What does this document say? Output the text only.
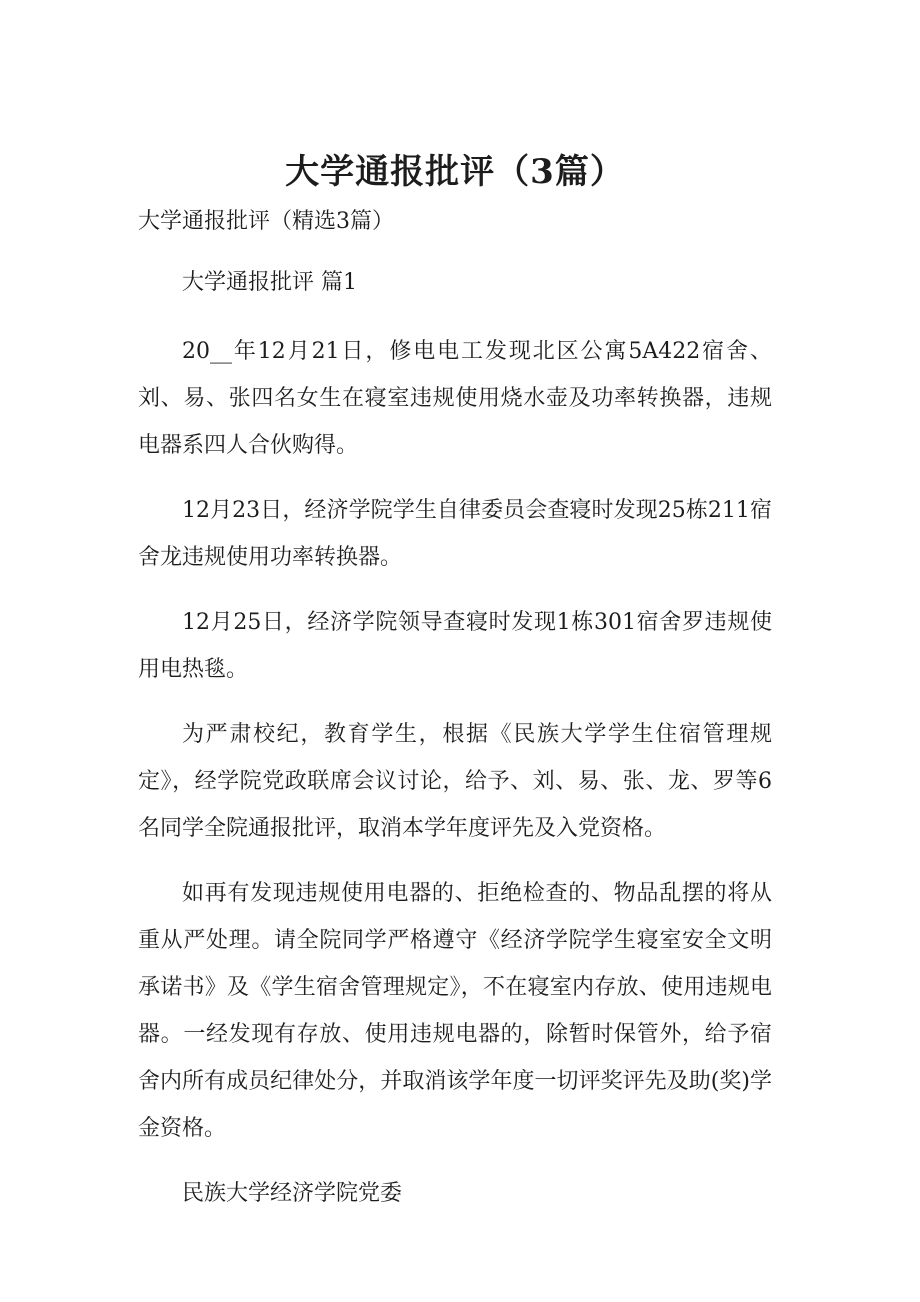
大学通报批评（3篇）

大学通报批评（精选3篇）

大学通报批评 篇1

20__年12月21日，修电电工发现北区公寓5A422宿舍、刘、易、张四名女生在寝室违规使用烧水壶及功率转换器，违规电器系四人合伙购得。

12月23日，经济学院学生自律委员会查寝时发现25栋211宿舍龙违规使用功率转换器。

12月25日，经济学院领导查寝时发现1栋301宿舍罗违规使用电热毯。

为严肃校纪，教育学生，根据《民族大学学生住宿管理规定》，经学院党政联席会议讨论，给予、刘、易、张、龙、罗等6名同学全院通报批评，取消本学年度评先及入党资格。

如再有发现违规使用电器的、拒绝检查的、物品乱摆的将从重从严处理。请全院同学严格遵守《经济学院学生寝室安全文明承诺书》及《学生宿舍管理规定》，不在寝室内存放、使用违规电器。一经发现有存放、使用违规电器的，除暂时保管外，给予宿舍内所有成员纪律处分，并取消该学年度一切评奖评先及助(奖)学金资格。

民族大学经济学院党委
